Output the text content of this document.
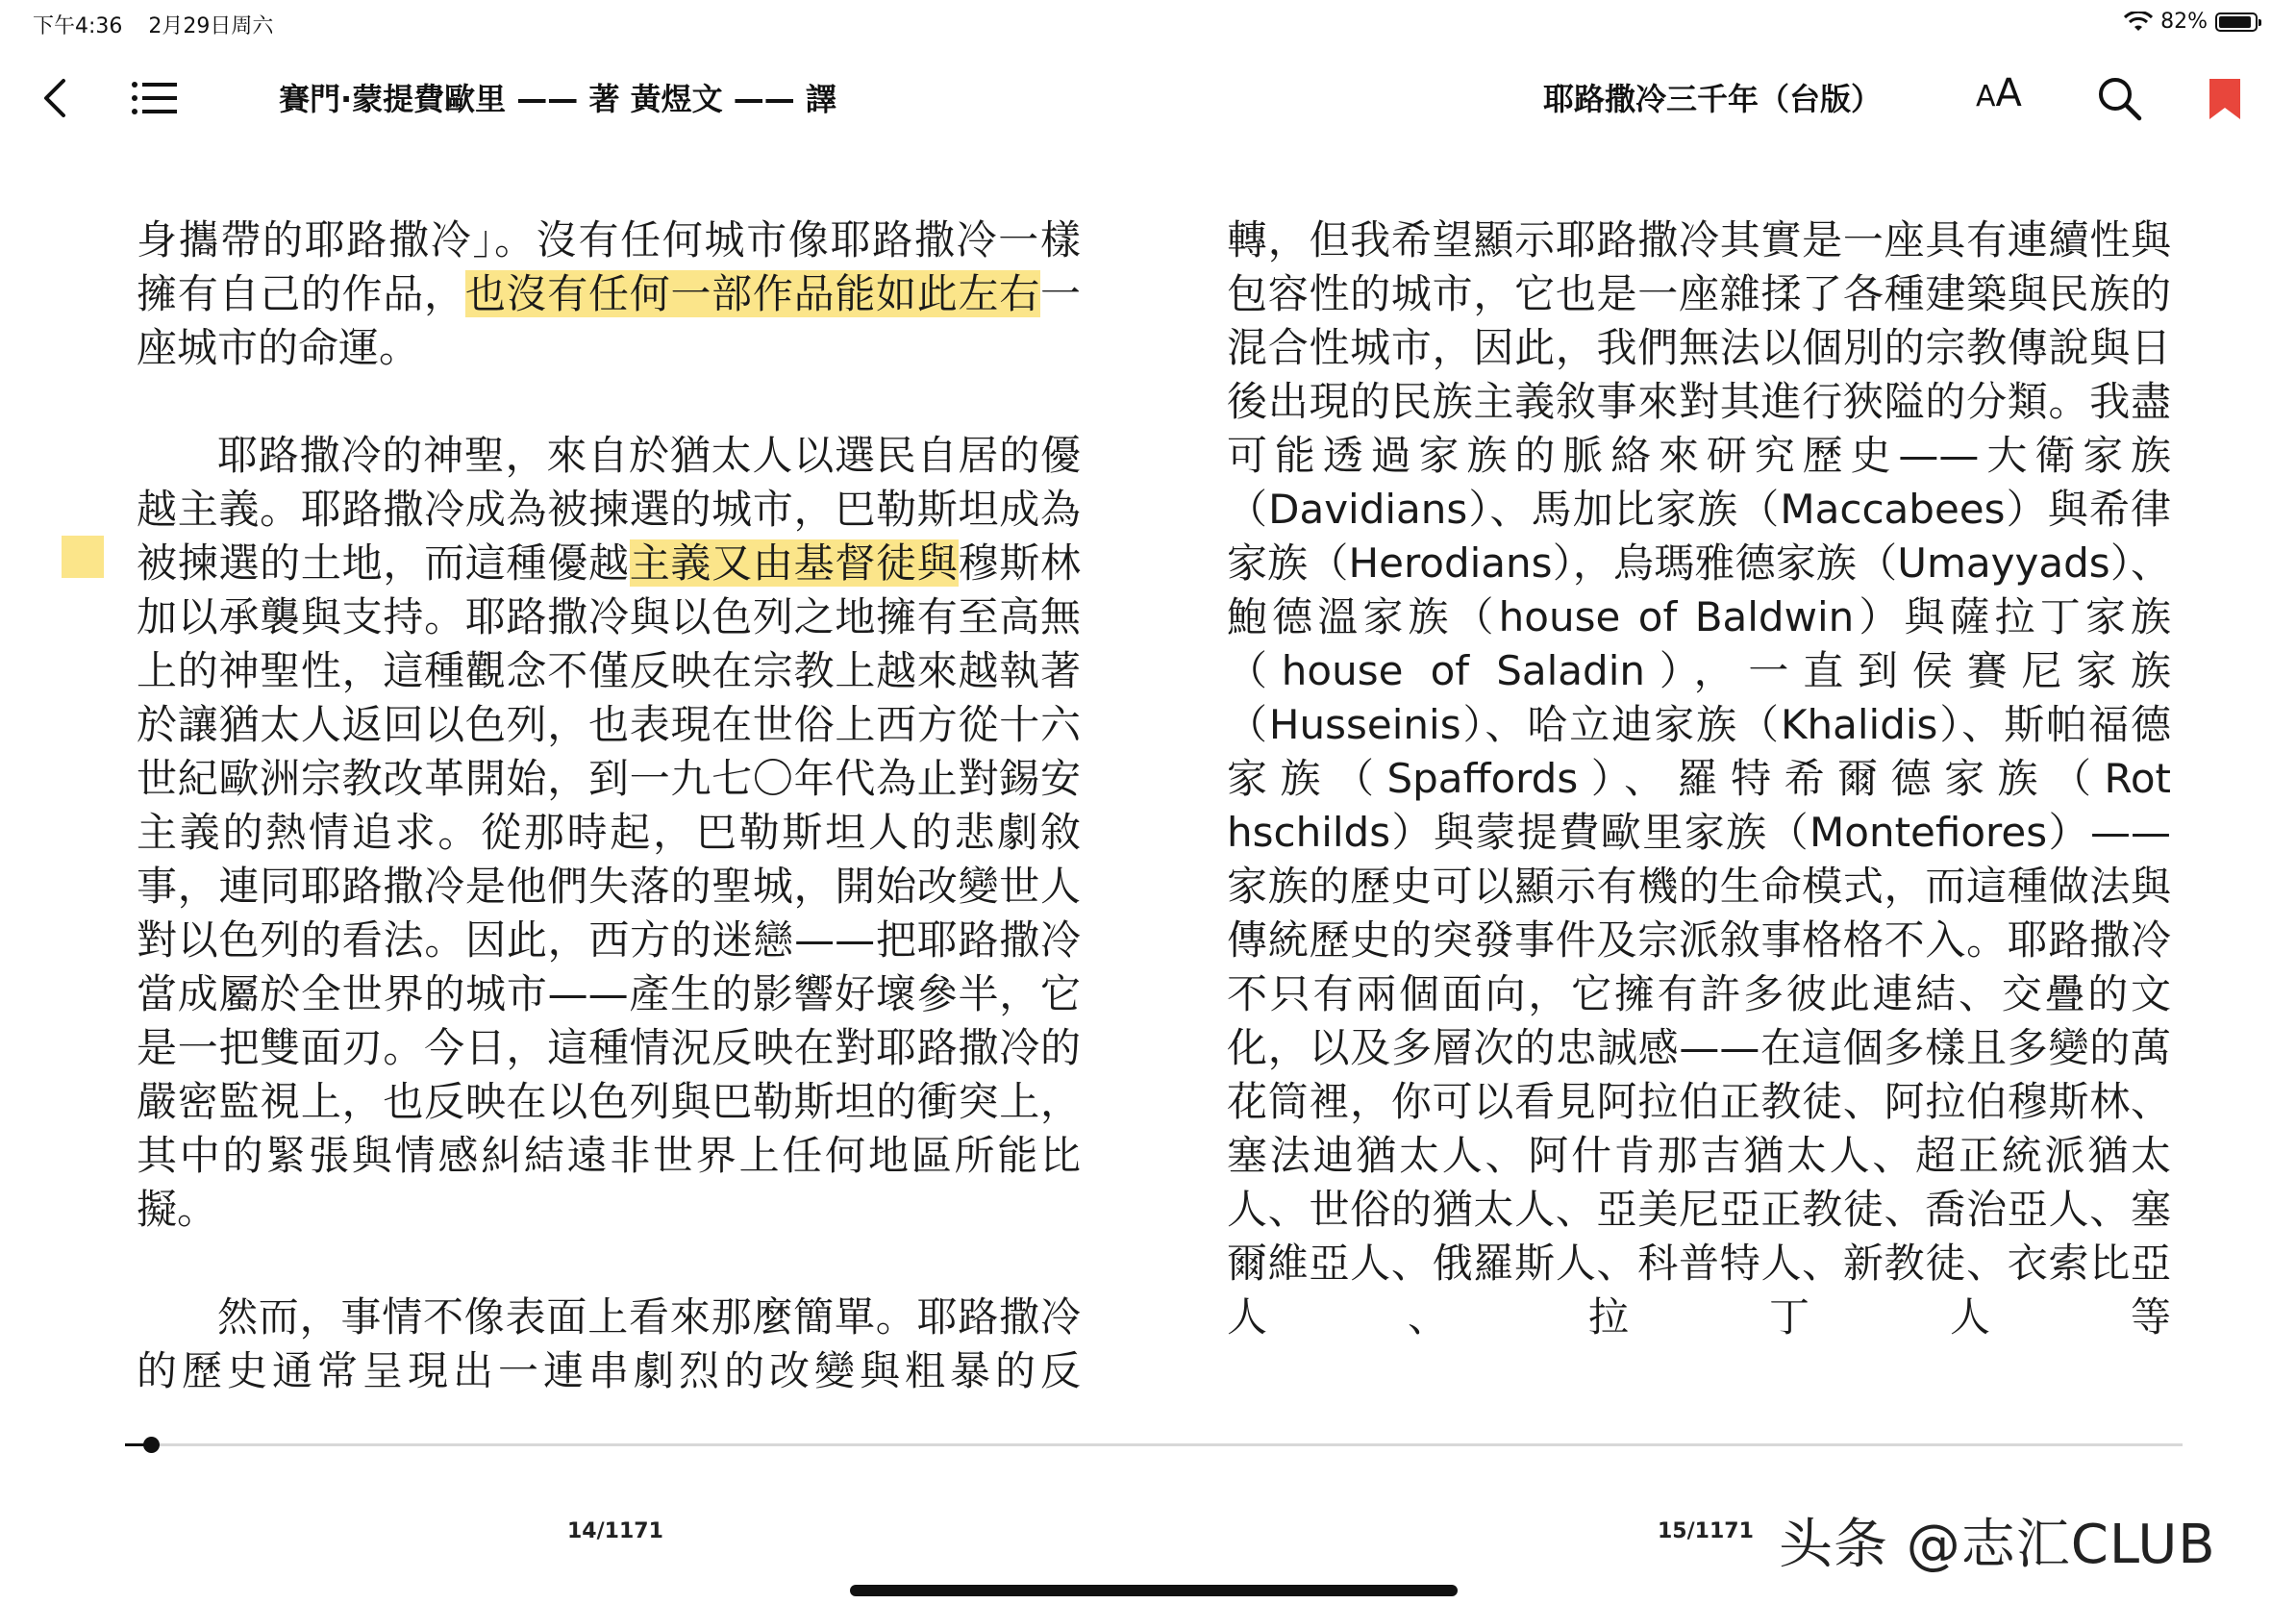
下午4:36 2月29日周六	82%
賽門·蒙提費歐里 —— 著 黃煜文 —— 譯	耶路撒冷三千年（台版）	AA

身攜帶的耶路撒冷」。沒有任何城市像耶路撒冷一樣擁有自己的作品，也沒有任何一部作品能如此左右一座城市的命運。

耶路撒冷的神聖，來自於猶太人以選民自居的優越主義。耶路撒冷成為被揀選的城市，巴勒斯坦成為被揀選的土地，而這種優越主義又由基督徒與穆斯林加以承襲與支持。耶路撒冷與以色列之地擁有至高無上的神聖性，這種觀念不僅反映在宗教上越來越執著於讓猶太人返回以色列，也表現在世俗上西方從十六世紀歐洲宗教改革開始，到一九七〇年代為止對錫安主義的熱情追求。從那時起，巴勒斯坦人的悲劇敘事，連同耶路撒冷是他們失落的聖城，開始改變世人對以色列的看法。因此，西方的迷戀——把耶路撒冷當成屬於全世界的城市——產生的影響好壞參半，它是一把雙面刃。今日，這種情況反映在對耶路撒冷的嚴密監視上，也反映在以色列與巴勒斯坦的衝突上，其中的緊張與情感糾結遠非世界上任何地區所能比擬。

然而，事情不像表面上看來那麼簡單。耶路撒冷的歷史通常呈現出一連串劇烈的改變與粗暴的反

轉，但我希望顯示耶路撒冷其實是一座具有連續性與包容性的城市，它也是一座雜揉了各種建築與民族的混合性城市，因此，我們無法以個別的宗教傳說與日後出現的民族主義敘事來對其進行狹隘的分類。我盡可能透過家族的脈絡來研究歷史——大衛家族（Davidians）、馬加比家族（Maccabees）與希律家族（Herodians），烏瑪雅德家族（Umayyads）、鮑德溫家族（house of Baldwin）與薩拉丁家族（house of Saladin），一直到侯賽尼家族（Husseinis）、哈立迪家族（Khalidis）、斯帕福德家族（Spaffords）、羅特希爾德家族（Rot hschilds）與蒙提費歐里家族（Montefiores）——家族的歷史可以顯示有機的生命模式，而這種做法與傳統歷史的突發事件及宗派敘事格格不入。耶路撒冷不只有兩個面向，它擁有許多彼此連結、交疊的文化，以及多層次的忠誠感——在這個多樣且多變的萬花筒裡，你可以看見阿拉伯正教徒、阿拉伯穆斯林、塞法迪猶太人、阿什肯那吉猶太人、超正統派猶太人、世俗的猶太人、亞美尼亞正教徒、喬治亞人、塞爾維亞人、俄羅斯人、科普特人、新教徒、衣索比亞人、拉丁人等

14/1171	15/1171 头条 @志汇CLUB
